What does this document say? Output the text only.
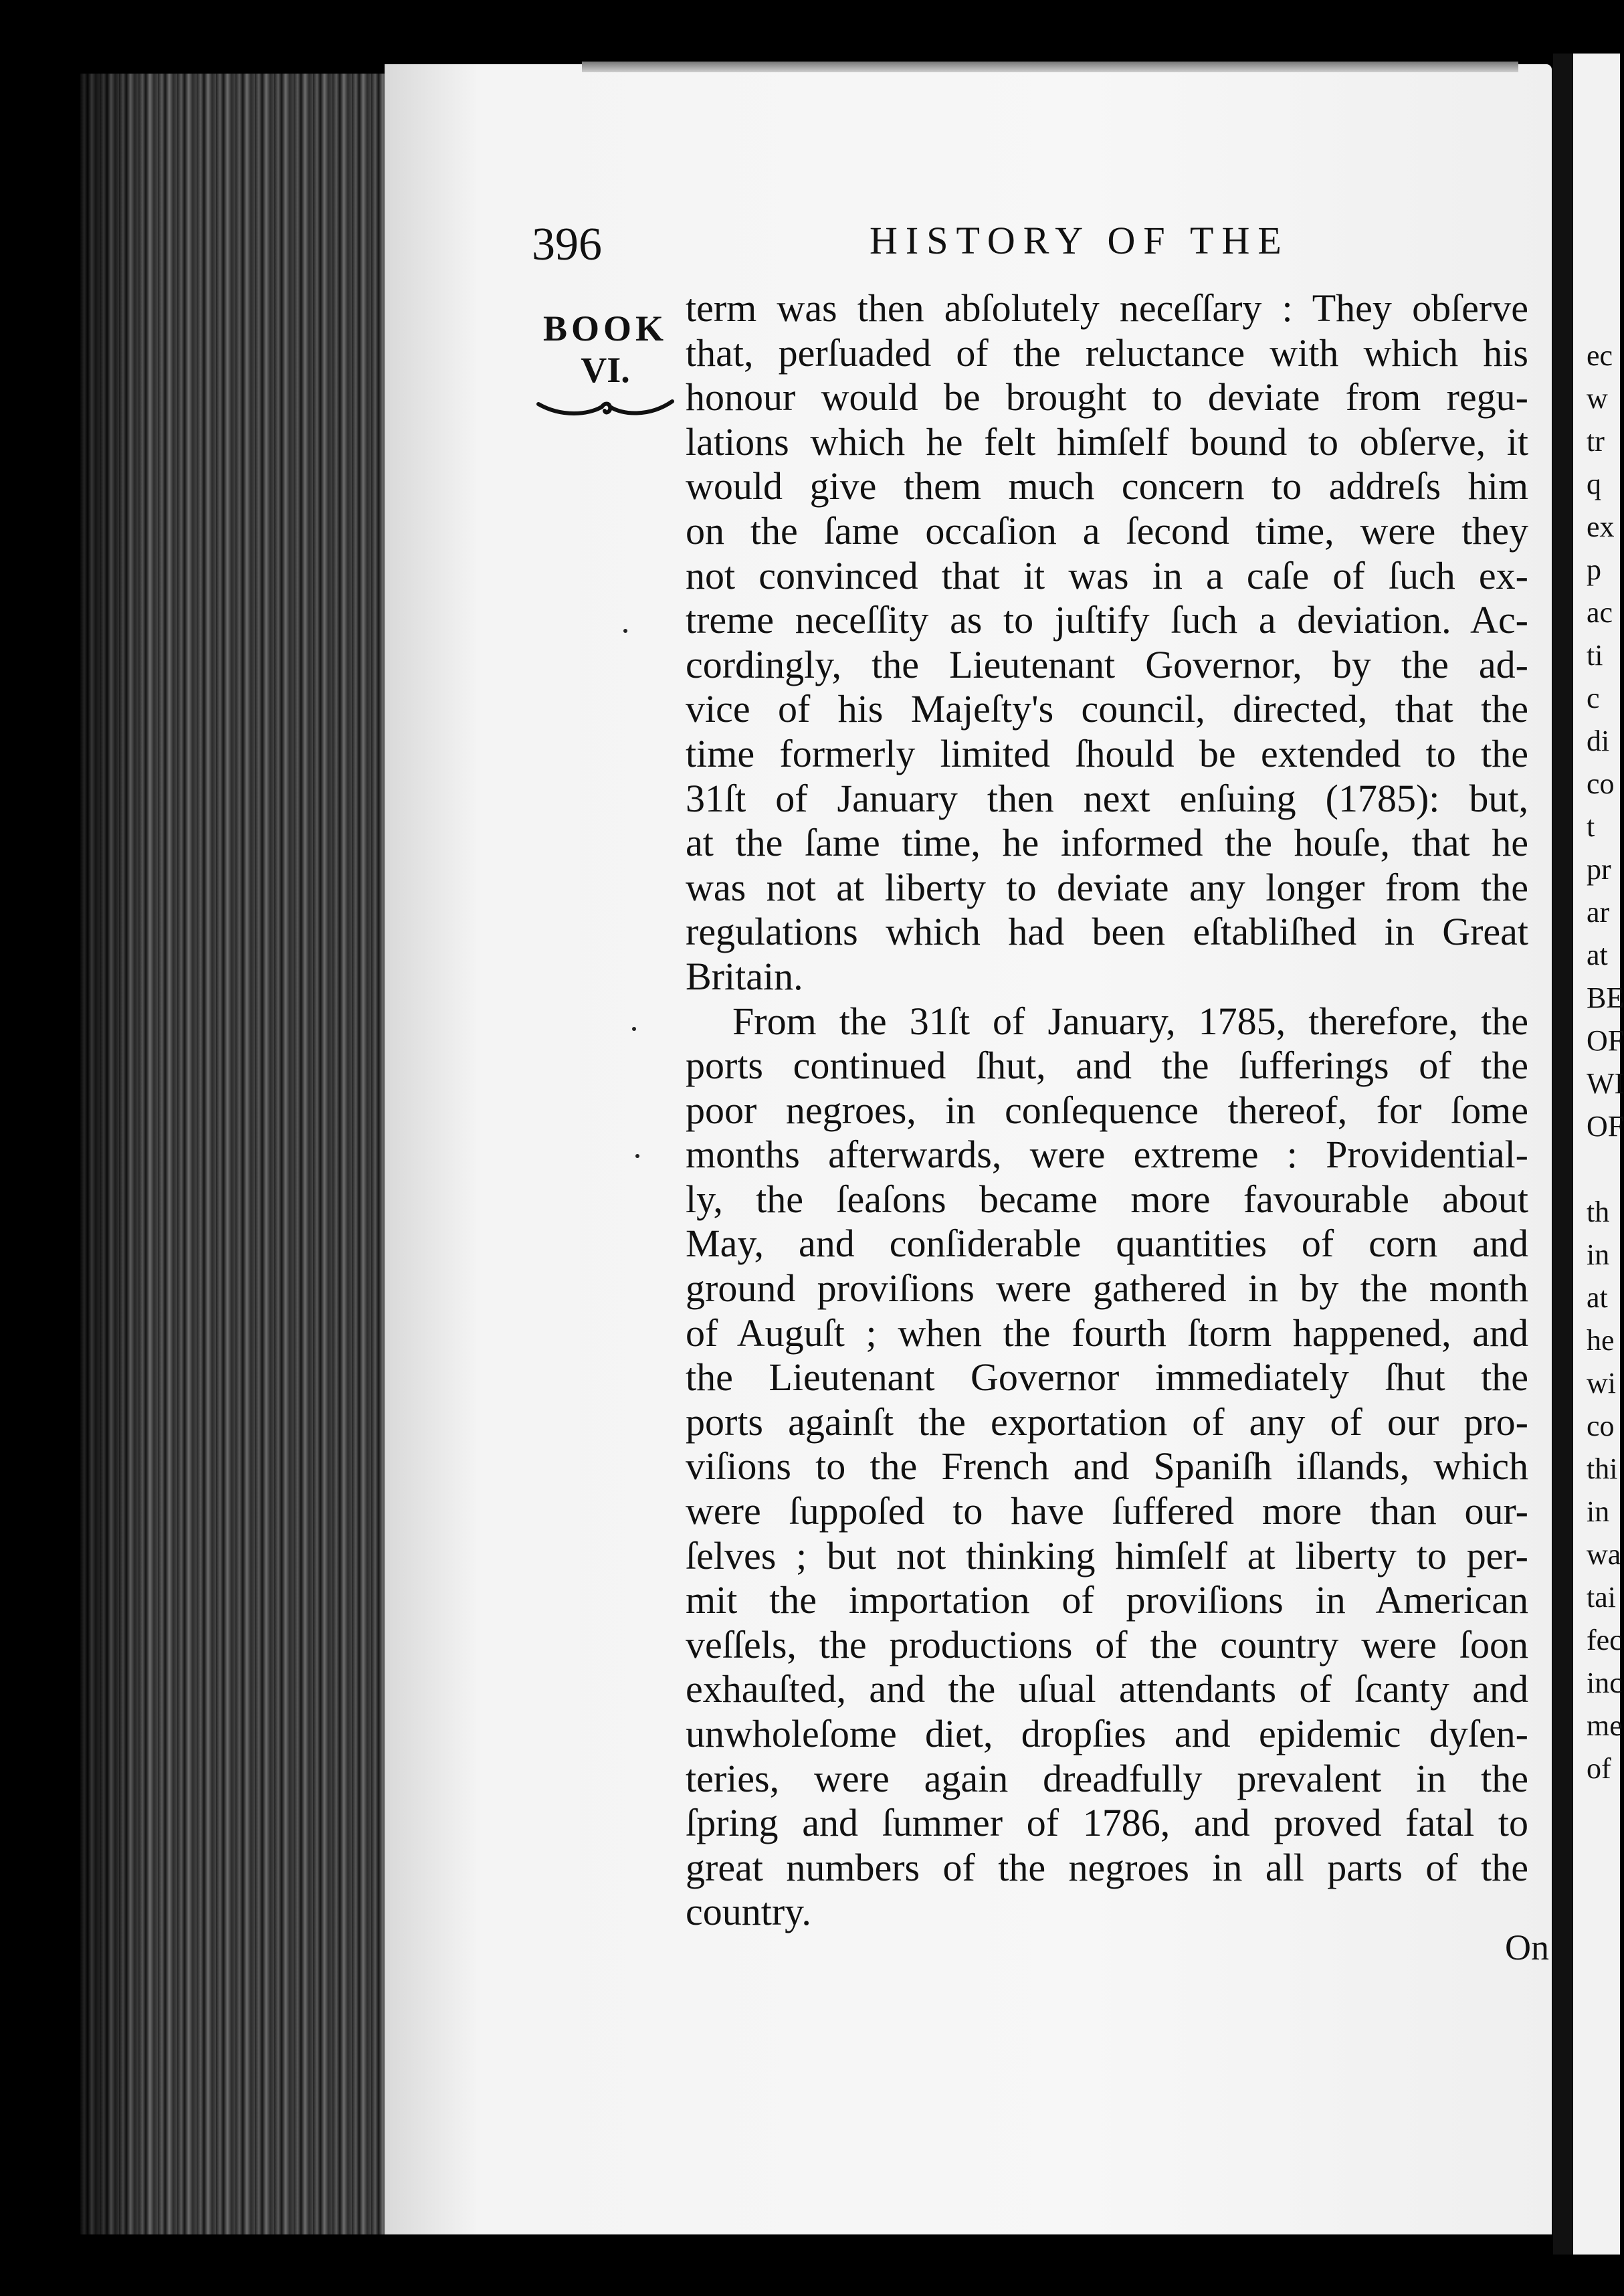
396	HISTORY OF THE
BOOK
VI.
term was then abſolutely neceſſary : They obſerve
that, perſuaded of the reluctance with which his
honour would be brought to deviate from regu-
lations which he felt himſelf bound to obſerve, it
would give them much concern to addreſs him
on the ſame occaſion a ſecond time, were they
not convinced that it was in a caſe of ſuch ex-
treme neceſſity as to juſtify ſuch a deviation. Ac-
cordingly, the Lieutenant Governor, by the ad-
vice of his Majeſty's council, directed, that the
time formerly limited ſhould be extended to the
31ſt of January then next enſuing (1785): but,
at the ſame time, he informed the houſe, that he
was not at liberty to deviate any longer from the
regulations which had been eſtabliſhed in Great
Britain.
From the 31ſt of January, 1785, therefore, the
ports continued ſhut, and the ſufferings of the
poor negroes, in conſequence thereof, for ſome
months afterwards, were extreme : Providential-
ly, the ſeaſons became more favourable about
May, and conſiderable quantities of corn and
ground proviſions were gathered in by the month
of Auguſt ; when the fourth ſtorm happened, and
the Lieutenant Governor immediately ſhut the
ports againſt the exportation of any of our pro-
viſions to the French and Spaniſh iſlands, which
were ſuppoſed to have ſuffered more than our-
ſelves ; but not thinking himſelf at liberty to per-
mit the importation of proviſions in American
veſſels, the productions of the country were ſoon
exhauſted, and the uſual attendants of ſcanty and
unwholeſome diet, dropſies and epidemic dyſen-
teries, were again dreadfully prevalent in the
ſpring and ſummer of 1786, and proved fatal to
great numbers of the negroes in all parts of the
country.
On
ec
w
tr
q
ex
p
ac
ti
c
di
co
t
pr
ar
at
BE
OF
WI
OF
th
in
at
he
wi
co
thi
in
wa
tai
fec
inc
me
of
